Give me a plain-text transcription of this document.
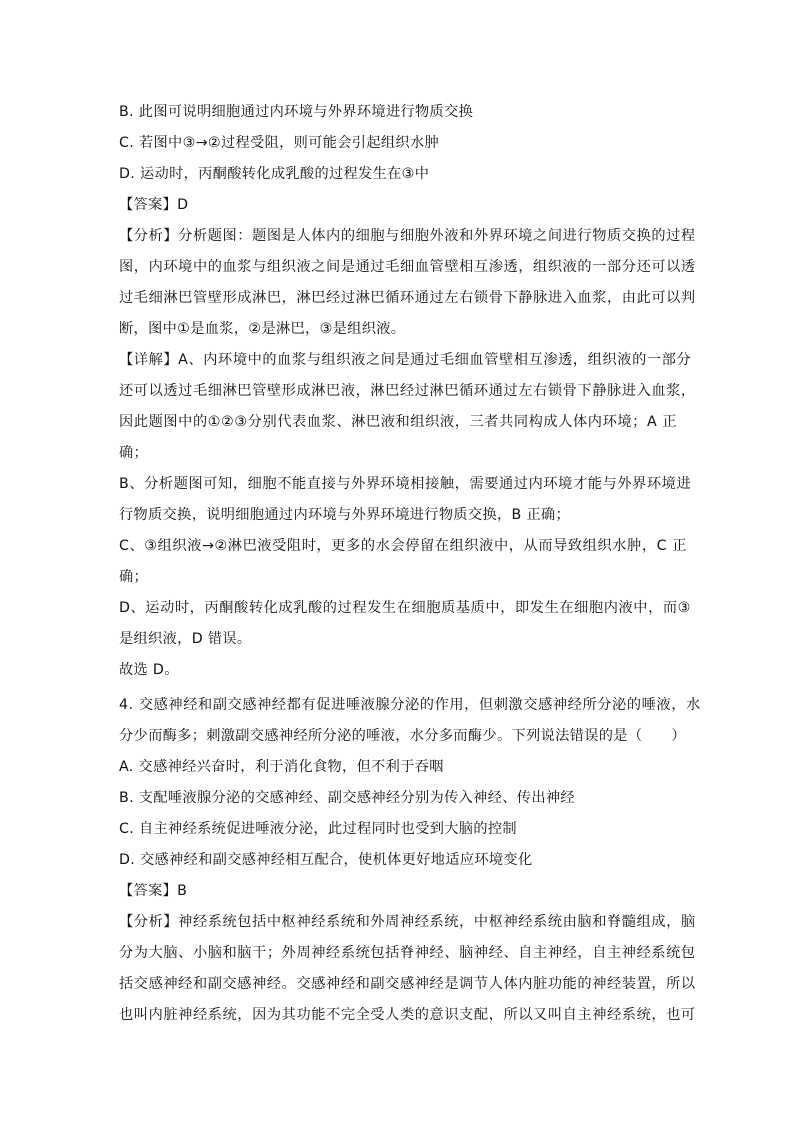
B. 此图可说明细胞通过内环境与外界环境进行物质交换
C. 若图中③→②过程受阻，则可能会引起组织水肿
D. 运动时，丙酮酸转化成乳酸的过程发生在③中
【答案】D
【分析】分析题图：题图是人体内的细胞与细胞外液和外界环境之间进行物质交换的过程
图，内环境中的血浆与组织液之间是通过毛细血管壁相互渗透，组织液的一部分还可以透
过毛细淋巴管壁形成淋巴，淋巴经过淋巴循环通过左右锁骨下静脉进入血浆，由此可以判
断，图中①是血浆，②是淋巴，③是组织液。
【详解】A、内环境中的血浆与组织液之间是通过毛细血管壁相互渗透，组织液的一部分
还可以透过毛细淋巴管壁形成淋巴液，淋巴经过淋巴循环通过左右锁骨下静脉进入血浆，
因此题图中的①②③分别代表血浆、淋巴液和组织液，三者共同构成人体内环境；A 正
确；
B、分析题图可知，细胞不能直接与外界环境相接触，需要通过内环境才能与外界环境进
行物质交换，说明细胞通过内环境与外界环境进行物质交换，B 正确；
C、③组织液→②淋巴液受阻时，更多的水会停留在组织液中，从而导致组织水肿，C 正
确；
D、运动时，丙酮酸转化成乳酸的过程发生在细胞质基质中，即发生在细胞内液中，而③
是组织液，D 错误。
故选 D。
4. 交感神经和副交感神经都有促进唾液腺分泌的作用，但刺激交感神经所分泌的唾液，水
分少而酶多；刺激副交感神经所分泌的唾液，水分多而酶少。下列说法错误的是（　　）
A. 交感神经兴奋时，利于消化食物，但不利于吞咽
B. 支配唾液腺分泌的交感神经、副交感神经分别为传入神经、传出神经
C. 自主神经系统促进唾液分泌，此过程同时也受到大脑的控制
D. 交感神经和副交感神经相互配合，使机体更好地适应环境变化
【答案】B
【分析】神经系统包括中枢神经系统和外周神经系统，中枢神经系统由脑和脊髓组成，脑
分为大脑、小脑和脑干；外周神经系统包括脊神经、脑神经、自主神经，自主神经系统包
括交感神经和副交感神经。交感神经和副交感神经是调节人体内脏功能的神经装置，所以
也叫内脏神经系统，因为其功能不完全受人类的意识支配，所以又叫自主神经系统，也可
